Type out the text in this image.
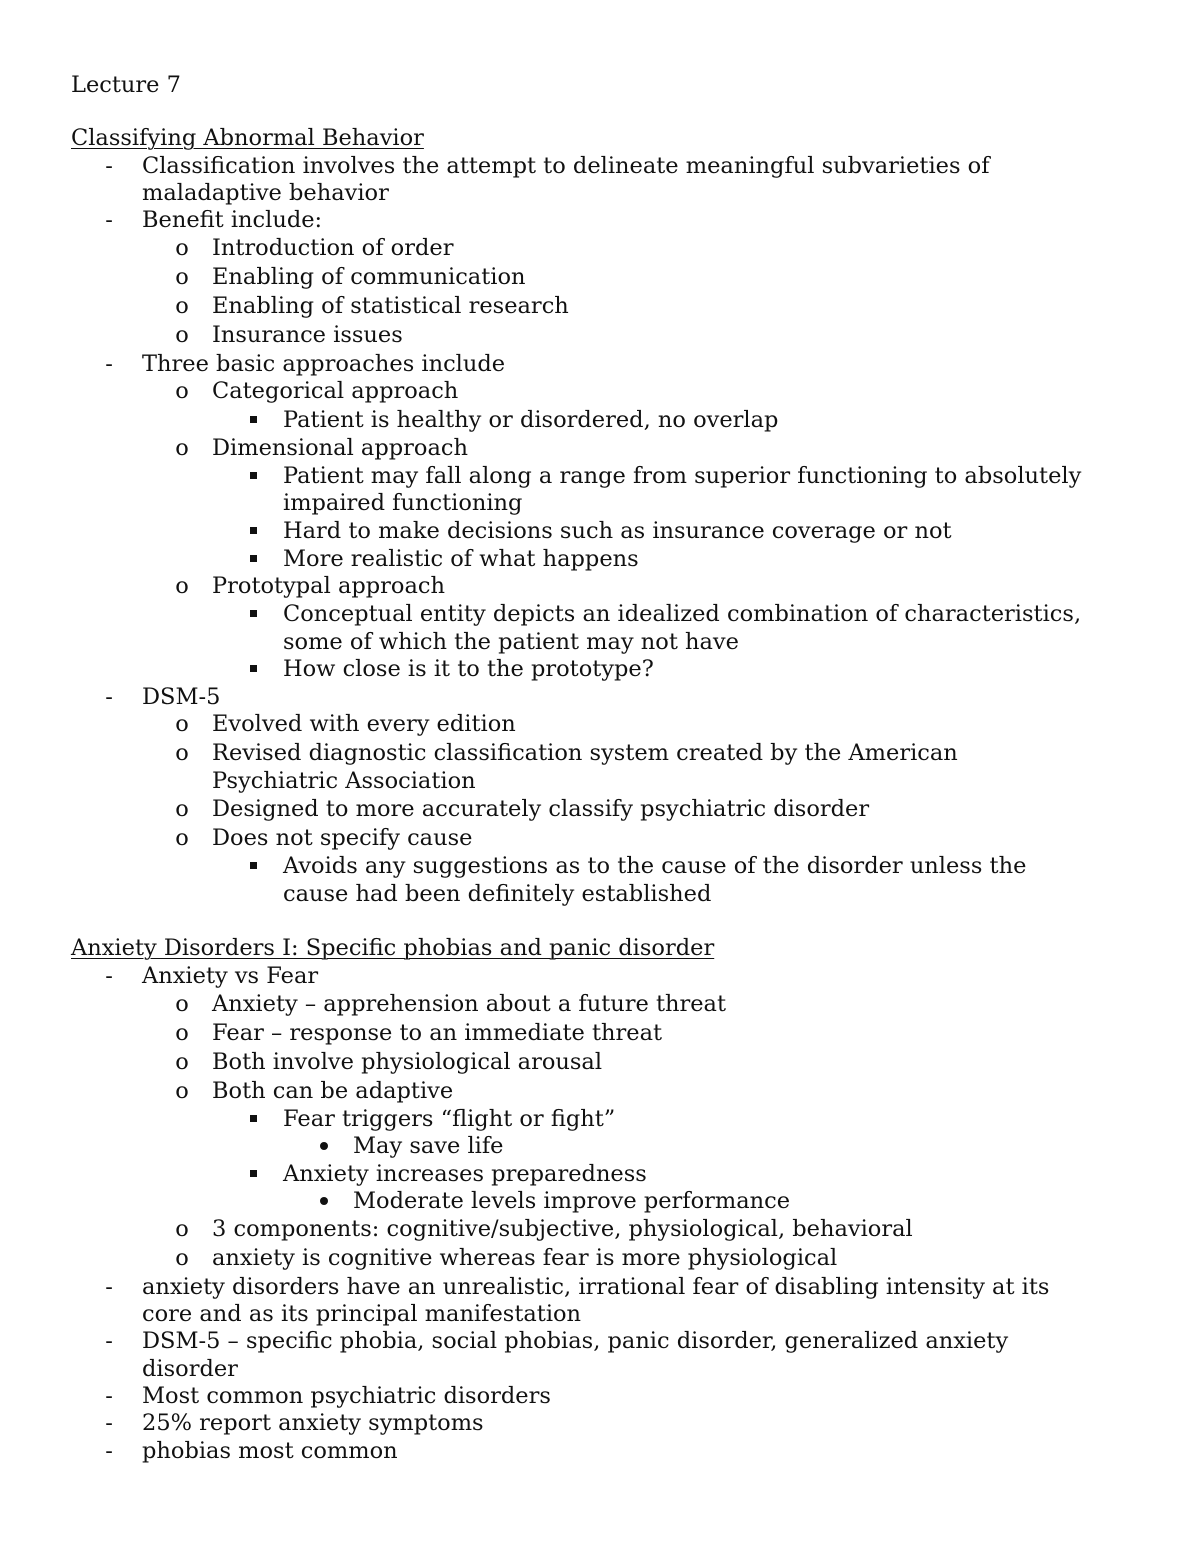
Lecture 7
Classifying Abnormal Behavior
-	Classification involves the attempt to delineate meaningful subvarieties of
maladaptive behavior
-	Benefit include:
o Introduction of order
o Enabling of communication
o Enabling of statistical research
o Insurance issues
-	Three basic approaches include
o Categorical approach
Patient is healthy or disordered, no overlap
o Dimensional approach
Patient may fall along a range from superior functioning to absolutely
impaired functioning
Hard to make decisions such as insurance coverage or not
More realistic of what happens
o Prototypal approach
Conceptual entity depicts an idealized combination of characteristics,
some of which the patient may not have
How close is it to the prototype?
-	DSM-5
o Evolved with every edition
o Revised diagnostic classification system created by the American
Psychiatric Association
o Designed to more accurately classify psychiatric disorder
o Does not specify cause
Avoids any suggestions as to the cause of the disorder unless the
cause had been definitely established
Anxiety Disorders I: Specific phobias and panic disorder
-	Anxiety vs Fear
o Anxiety – apprehension about a future threat
o Fear – response to an immediate threat
o Both involve physiological arousal
o Both can be adaptive
Fear triggers “flight or fight”
May save life
Anxiety increases preparedness
Moderate levels improve performance
o 3 components: cognitive/subjective, physiological, behavioral
o anxiety is cognitive whereas fear is more physiological
-	anxiety disorders have an unrealistic, irrational fear of disabling intensity at its
core and as its principal manifestation
-	DSM-5 – specific phobia, social phobias, panic disorder, generalized anxiety
disorder
-	Most common psychiatric disorders
-	25% report anxiety symptoms
-	phobias most common
